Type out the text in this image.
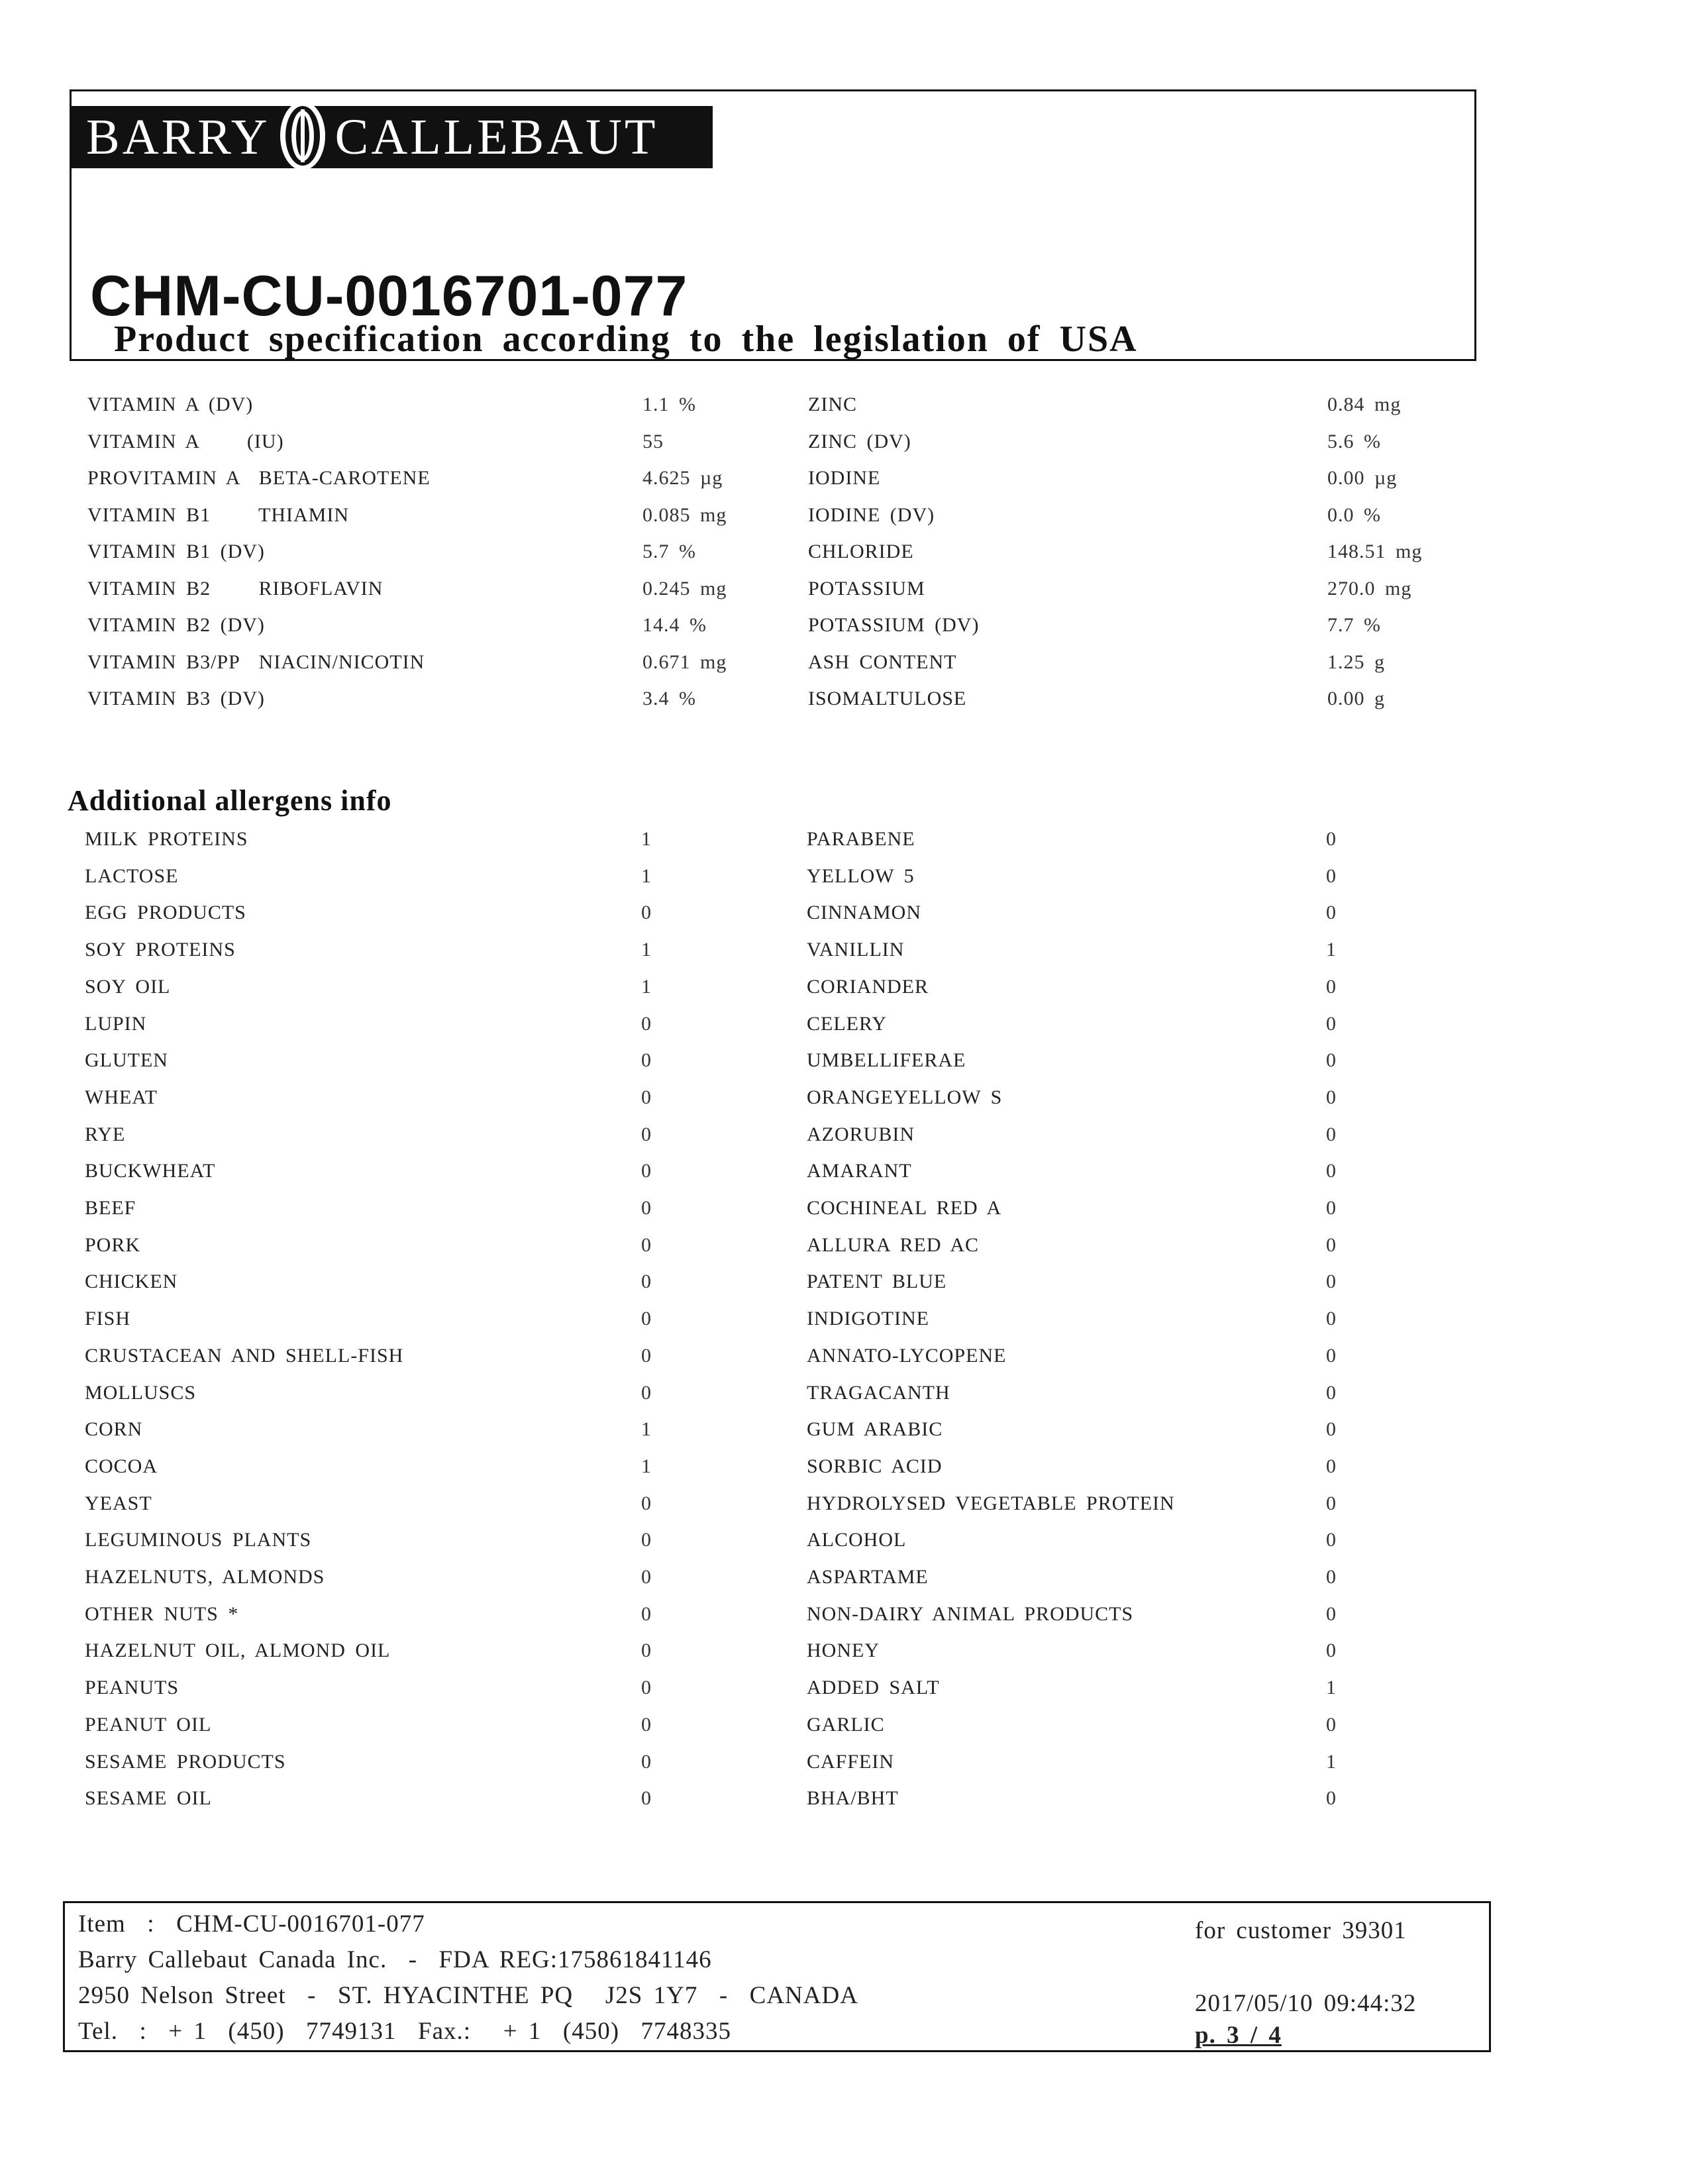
BARRY CALLEBAUT
CHM-CU-0016701-077
Product specification according to the legislation of USA
VITAMIN A (DV)	1.1 %
VITAMIN A     (IU)	55
PROVITAMIN A  BETA-CAROTENE	4.625 µg
VITAMIN B1     THIAMIN	0.085 mg
VITAMIN B1 (DV)	5.7 %
VITAMIN B2     RIBOFLAVIN	0.245 mg
VITAMIN B2 (DV)	14.4 %
VITAMIN B3/PP  NIACIN/NICOTIN	0.671 mg
VITAMIN B3 (DV)	3.4 %
ZINC	0.84 mg
ZINC (DV)	5.6 %
IODINE	0.00 µg
IODINE (DV)	0.0 %
CHLORIDE	148.51 mg
POTASSIUM	270.0 mg
POTASSIUM (DV)	7.7 %
ASH CONTENT	1.25 g
ISOMALTULOSE	0.00 g
Additional allergens info
MILK PROTEINS	1
LACTOSE	1
EGG PRODUCTS	0
SOY PROTEINS	1
SOY OIL	1
LUPIN	0
GLUTEN	0
WHEAT	0
RYE	0
BUCKWHEAT	0
BEEF	0
PORK	0
CHICKEN	0
FISH	0
CRUSTACEAN AND SHELL-FISH	0
MOLLUSCS	0
CORN	1
COCOA	1
YEAST	0
LEGUMINOUS PLANTS	0
HAZELNUTS, ALMONDS	0
OTHER NUTS *	0
HAZELNUT OIL, ALMOND OIL	0
PEANUTS	0
PEANUT OIL	0
SESAME PRODUCTS	0
SESAME OIL	0
PARABENE	0
YELLOW 5	0
CINNAMON	0
VANILLIN	1
CORIANDER	0
CELERY	0
UMBELLIFERAE	0
ORANGEYELLOW S	0
AZORUBIN	0
AMARANT	0
COCHINEAL RED A	0
ALLURA RED AC	0
PATENT BLUE	0
INDIGOTINE	0
ANNATO-LYCOPENE	0
TRAGACANTH	0
GUM ARABIC	0
SORBIC ACID	0
HYDROLYSED VEGETABLE PROTEIN	0
ALCOHOL	0
ASPARTAME	0
NON-DAIRY ANIMAL PRODUCTS	0
HONEY	0
ADDED SALT	1
GARLIC	0
CAFFEIN	1
BHA/BHT	0
Item  :  CHM-CU-0016701-077
Barry Callebaut Canada Inc.  -  FDA REG:175861841146
2950 Nelson Street  -  ST. HYACINTHE PQ   J2S 1Y7  -  CANADA
Tel.  :  + 1  (450)  7749131  Fax.:   + 1  (450)  7748335
for customer 39301
2017/05/10 09:44:32
p. 3 / 4
